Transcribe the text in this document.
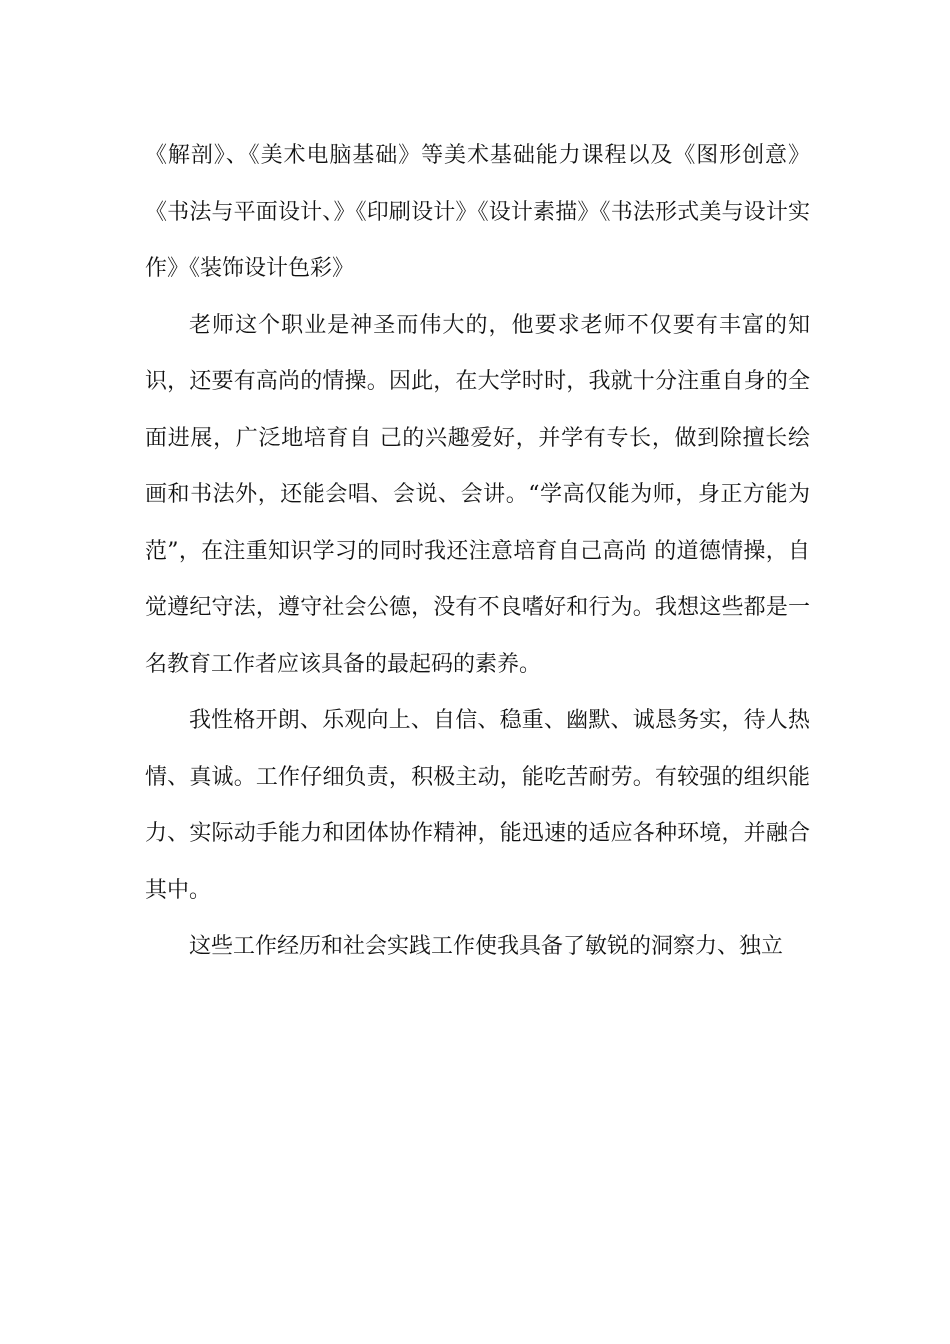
《解剖》、《美术电脑基础》等美术基础能力课程以及《图形创意》《书法与平面设计、》《印刷设计》《设计素描》《书法形式美与设计实作》《装饰设计色彩》

老师这个职业是神圣而伟大的，他要求老师不仅要有丰富的知识，还要有高尚的情操。因此，在大学时时，我就十分注重自身的全面进展，广泛地培育自 己的兴趣爱好，并学有专长，做到除擅长绘画和书法外，还能会唱、会说、会讲。“学高仅能为师，身正方能为范”，在注重知识学习的同时我还注意培育自己高尚 的道德情操，自觉遵纪守法，遵守社会公德，没有不良嗜好和行为。我想这些都是一名教育工作者应该具备的最起码的素养。

我性格开朗、乐观向上、自信、稳重、幽默、诚恳务实，待人热情、真诚。工作仔细负责，积极主动，能吃苦耐劳。有较强的组织能力、实际动手能力和团体协作精神，能迅速的适应各种环境，并融合其中。

这些工作经历和社会实践工作使我具备了敏锐的洞察力、独立
